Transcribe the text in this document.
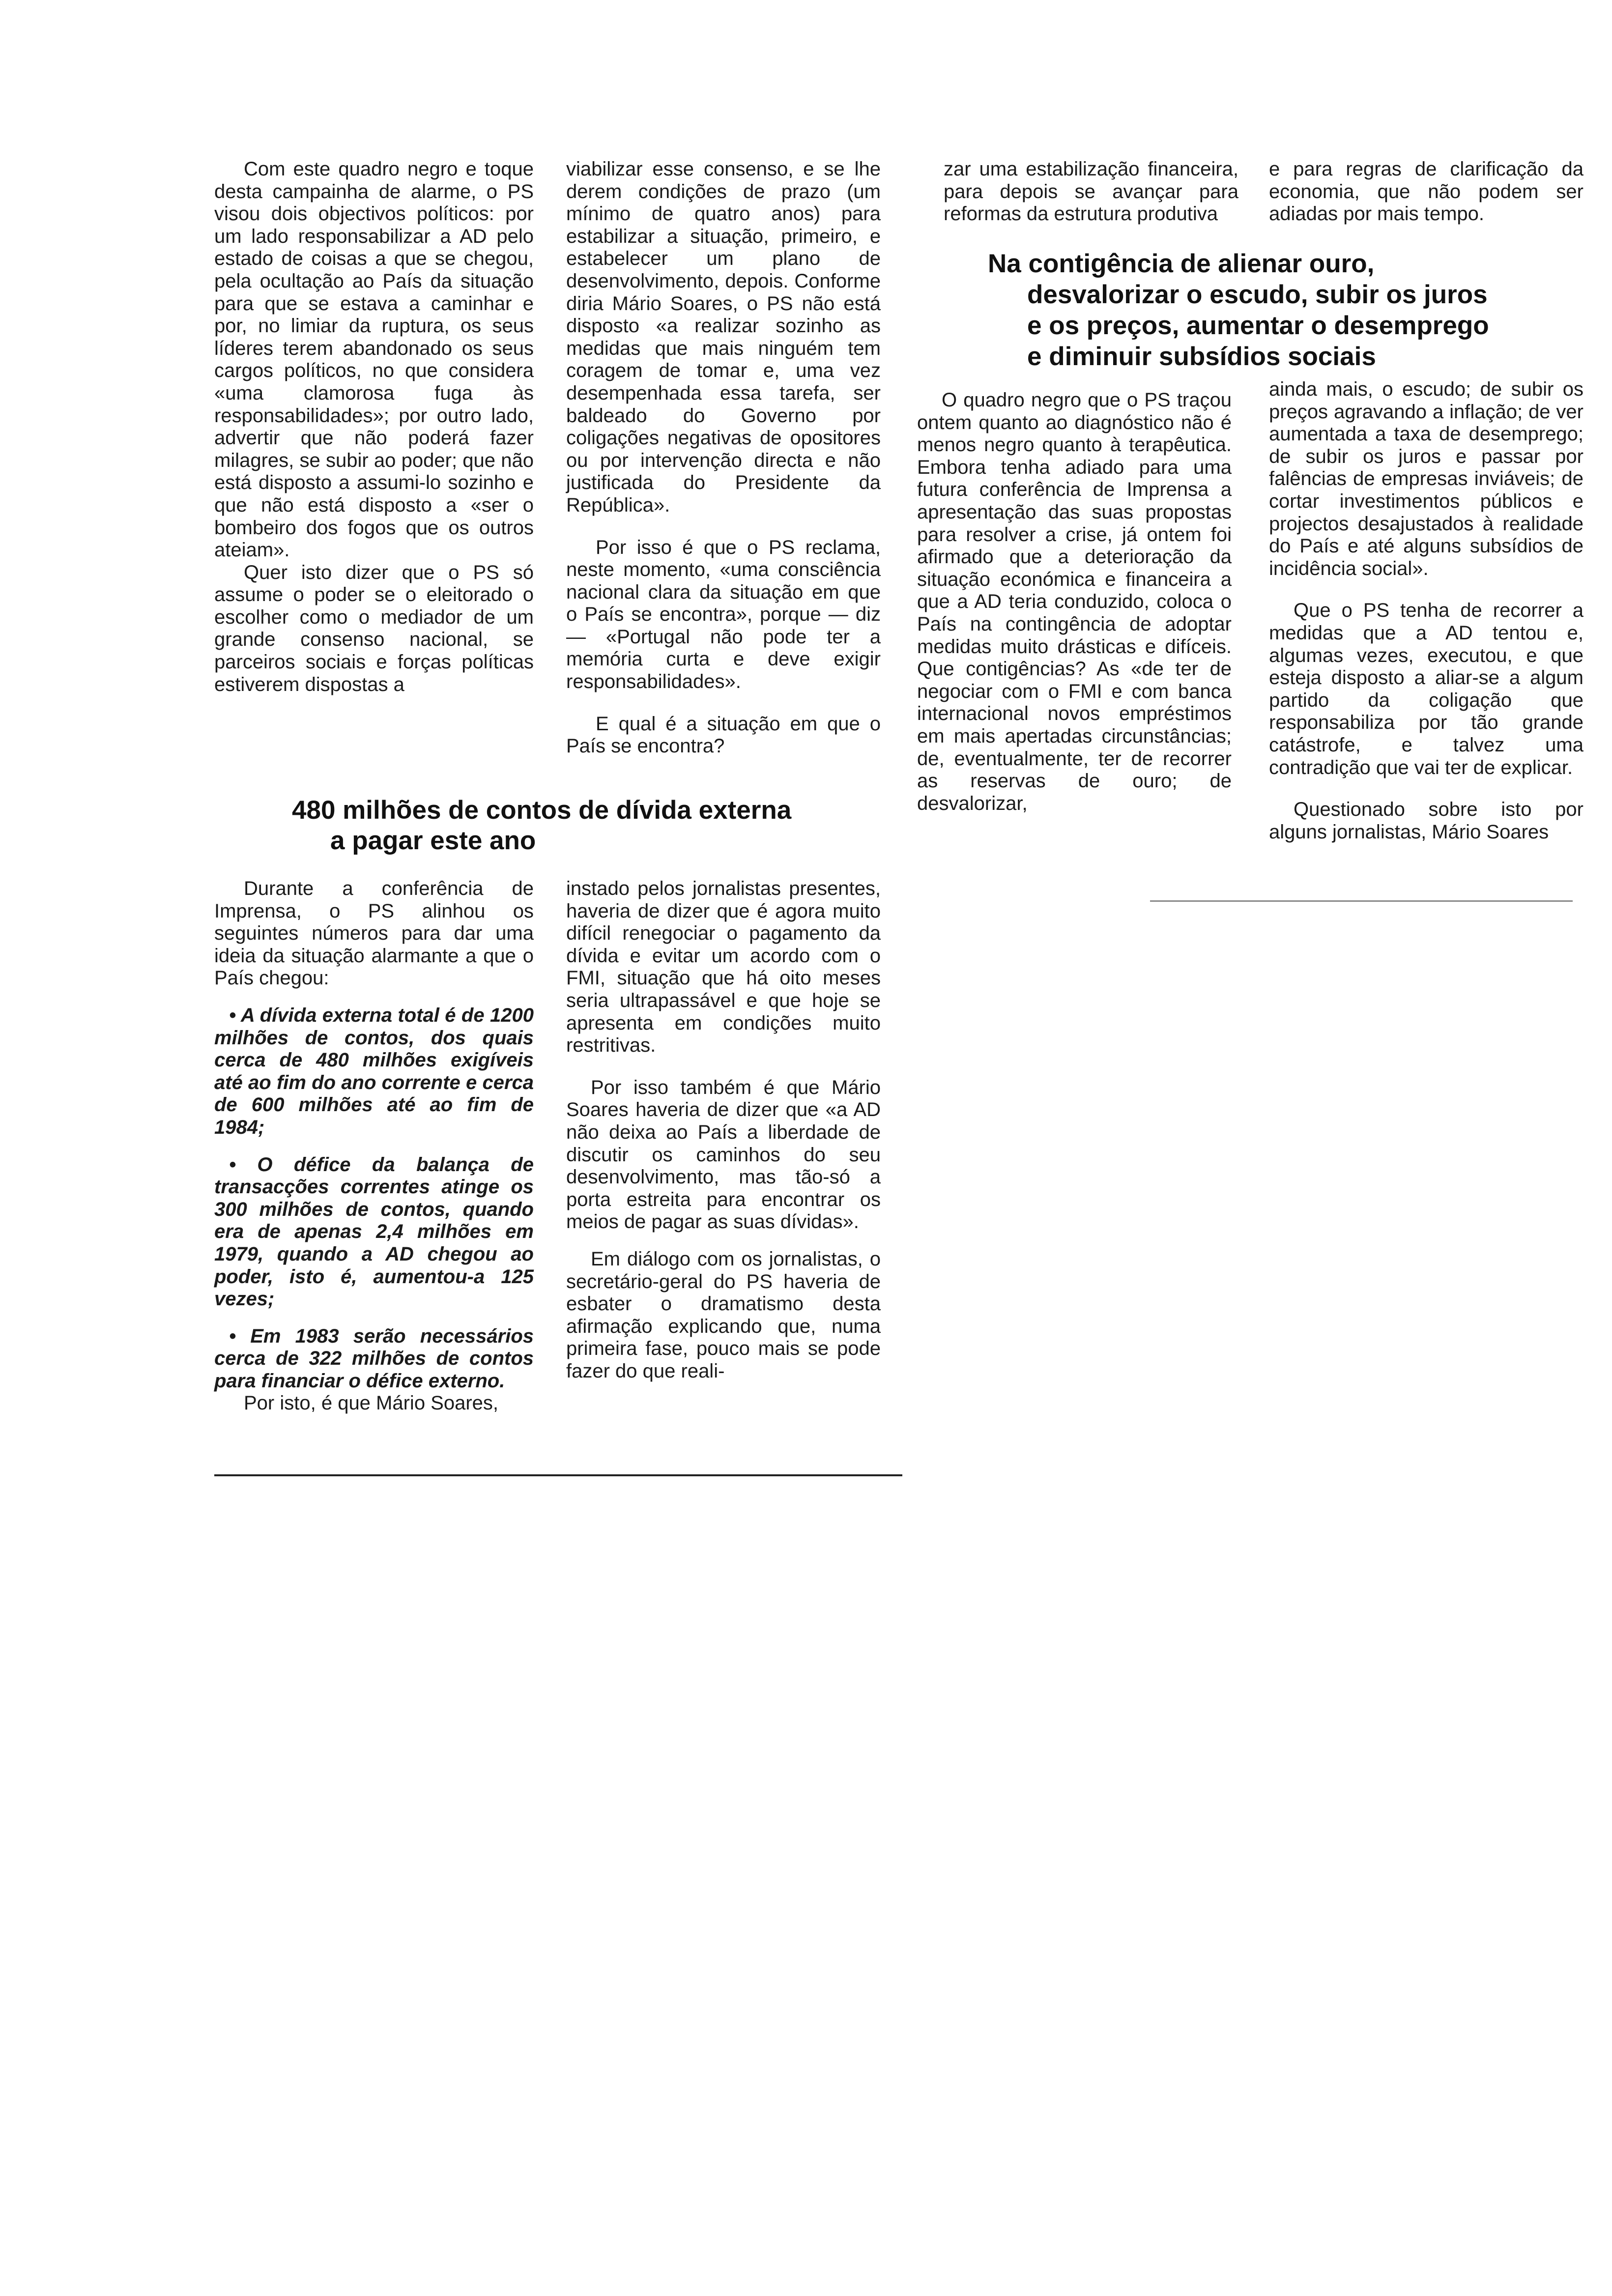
Com este quadro negro e toque desta campainha de alarme, o PS visou dois objectivos políticos: por um lado responsabilizar a AD pelo estado de coisas a que se chegou, pela ocultação ao País da situação para que se estava a caminhar e por, no limiar da ruptura, os seus líderes terem abandonado os seus cargos políticos, no que considera «uma clamorosa fuga às responsabilidades»; por outro lado, advertir que não poderá fazer milagres, se subir ao poder; que não está disposto a assumi-lo sozinho e que não está disposto a «ser o bombeiro dos fogos que os outros ateiam».

Quer isto dizer que o PS só assume o poder se o eleitorado o escolher como o mediador de um grande consenso nacional, se parceiros sociais e forças políticas estiverem dispostas a

viabilizar esse consenso, e se lhe derem condições de prazo (um mínimo de quatro anos) para estabilizar a situação, primeiro, e estabelecer um plano de desenvolvimento, depois. Conforme diria Mário Soares, o PS não está disposto «a realizar sozinho as medidas que mais ninguém tem coragem de tomar e, uma vez desempenhada essa tarefa, ser baldeado do Governo por coligações negativas de opositores ou por intervenção directa e não justificada do Presidente da República».

Por isso é que o PS reclama, neste momento, «uma consciência nacional clara da situação em que o País se encontra», porque — diz — «Portugal não pode ter a memória curta e deve exigir responsabilidades».

E qual é a situação em que o País se encontra?

zar uma estabilização financeira, para depois se avançar para reformas da estrutura produtiva

e para regras de clarificação da economia, que não podem ser adiadas por mais tempo.

Na contigência de alienar ouro,
desvalorizar o escudo, subir os juros
e os preços, aumentar o desemprego
e diminuir subsídios sociais

O quadro negro que o PS traçou ontem quanto ao diagnóstico não é menos negro quanto à terapêutica. Embora tenha adiado para uma futura conferência de Imprensa a apresentação das suas propostas para resolver a crise, já ontem foi afirmado que a deterioração da situação económica e financeira a que a AD teria conduzido, coloca o País na contingência de adoptar medidas muito drásticas e difíceis. Que contigências? As «de ter de negociar com o FMI e com banca internacional novos empréstimos em mais apertadas circunstâncias; de, eventualmente, ter de recorrer as reservas de ouro; de desvalorizar,

ainda mais, o escudo; de subir os preços agravando a inflação; de ver aumentada a taxa de desemprego; de subir os juros e passar por falências de empresas inviáveis; de cortar investimentos públicos e projectos desajustados à realidade do País e até alguns subsídios de incidência social».

Que o PS tenha de recorrer a medidas que a AD tentou e, algumas vezes, executou, e que esteja disposto a aliar-se a algum partido da coligação que responsabiliza por tão grande catástrofe, e talvez uma contradição que vai ter de explicar.

Questionado sobre isto por alguns jornalistas, Mário Soares

480 milhões de contos de dívida externa
a pagar este ano

Durante a conferência de Imprensa, o PS alinhou os seguintes números para dar uma ideia da situação alarmante a que o País chegou:

• A dívida externa total é de 1200 milhões de contos, dos quais cerca de 480 milhões exigíveis até ao fim do ano corrente e cerca de 600 milhões até ao fim de 1984;

• O défice da balança de transacções correntes atinge os 300 milhões de contos, quando era de apenas 2,4 milhões em 1979, quando a AD chegou ao poder, isto é, aumentou-a 125 vezes;

• Em 1983 serão necessários cerca de 322 milhões de contos para financiar o défice externo.

Por isto, é que Mário Soares,

instado pelos jornalistas presentes, haveria de dizer que é agora muito difícil renegociar o pagamento da dívida e evitar um acordo com o FMI, situação que há oito meses seria ultrapassável e que hoje se apresenta em condições muito restritivas.

Por isso também é que Mário Soares haveria de dizer que «a AD não deixa ao País a liberdade de discutir os caminhos do seu desenvolvimento, mas tão-só a porta estreita para encontrar os meios de pagar as suas dívidas».

Em diálogo com os jornalistas, o secretário-geral do PS haveria de esbater o dramatismo desta afirmação explicando que, numa primeira fase, pouco mais se pode fazer do que reali-
